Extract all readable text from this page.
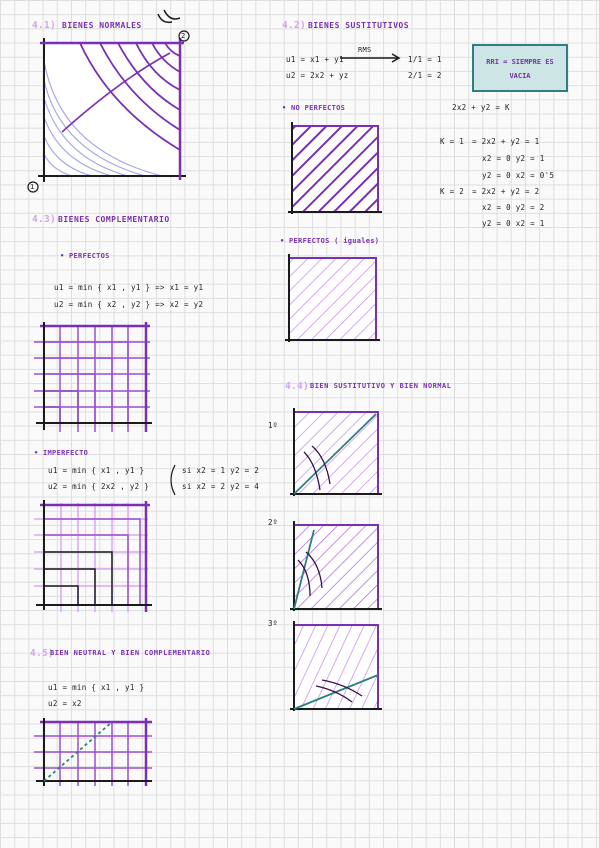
4.1) BIENES NORMALES
2
1
4.2) BIENES SUSTITUTIVOS
u1 = x1 + y1
u2 = 2x2 + yz
RMS
1/1 = 1
2/1 = 2
RRI = SIEMPRE ES
VACIA
• NO PERFECTOS	2x2 + y2 = K
K = 1 = 2x2 + y2 = 1
x2 = 0 y2 = 1
y2 = 0 x2 = 0'5
K = 2 = 2x2 + y2 = 2
x2 = 0 y2 = 2
y2 = 0 x2 = 1
• PERFECTOS ( iguales)
4.3) BIENES COMPLEMENTARIO
• PERFECTOS
u1 = min { x1 , y1 } => x1 = y1
u2 = min { x2 , y2 } => x2 = y2
• IMPERFECTO
u1 = min { x1 , y1 }
u2 = min { 2x2 , y2 }
si x2 = 1 y2 = 2
si x2 = 2 y2 = 4
4.4) BIEN SUSTITUTIVO Y BIEN NORMAL
1º
2º
3º
4.5)
BIEN NEUTRAL Y BIEN COMPLEMENTARIO
u1 = min { x1 , y1 }
u2 = x2
